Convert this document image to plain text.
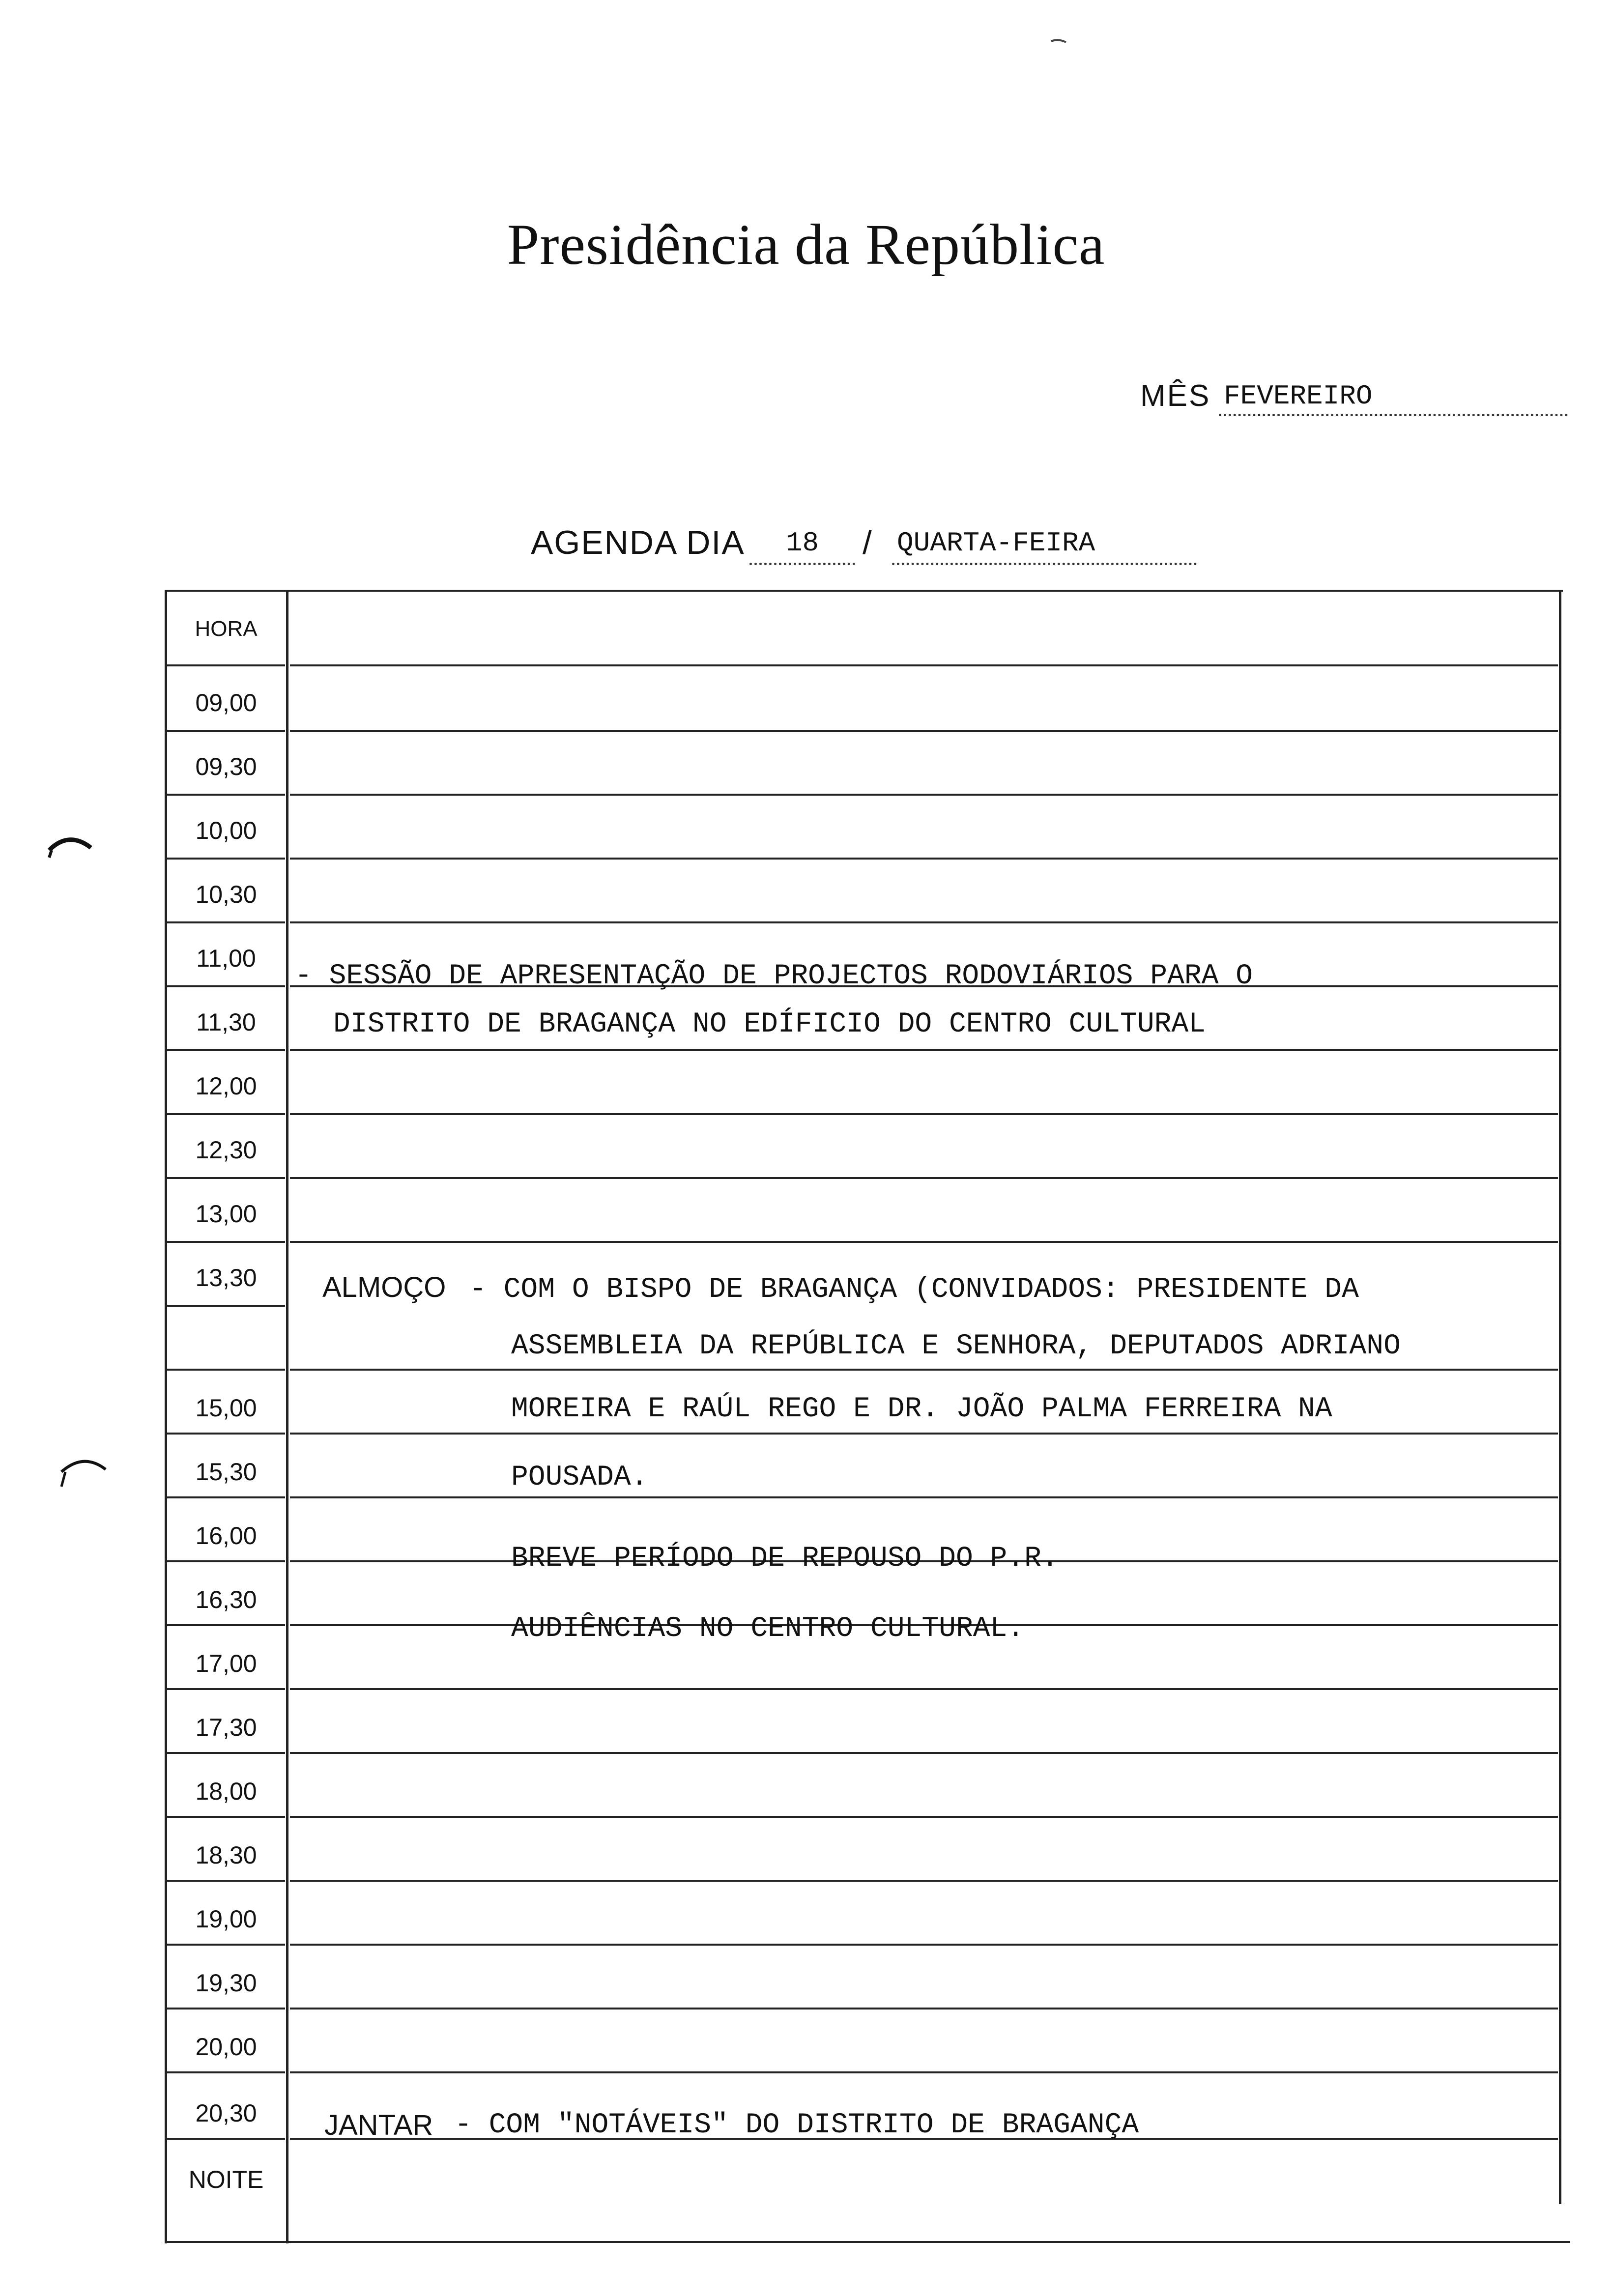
Presidência da República
MÊS FEVEREIRO
AGENDA DIA	18	/ QUARTA-FEIRA
HORA
09,00
09,30
10,00
10,30
11,00
11,30
12,00
12,30
13,00
13,30
15,00
15,30
16,00
16,30
17,00
17,30
18,00
18,30
19,00
19,30
20,00
20,30
NOITE
- SESSÃO DE APRESENTAÇÃO DE PROJECTOS RODOVIÁRIOS PARA O
DISTRITO DE BRAGANÇA NO EDÍFICIO DO CENTRO CULTURAL
ALMOÇO - COM O BISPO DE BRAGANÇA (CONVIDADOS: PRESIDENTE DA
ASSEMBLEIA DA REPÚBLICA E SENHORA, DEPUTADOS ADRIANO
MOREIRA E RAÚL REGO E DR. JOÃO PALMA FERREIRA NA
POUSADA.
BREVE PERÍODO DE REPOUSO DO P.R.
AUDIÊNCIAS NO CENTRO CULTURAL.
JANTAR - COM "NOTÁVEIS" DO DISTRITO DE BRAGANÇA
